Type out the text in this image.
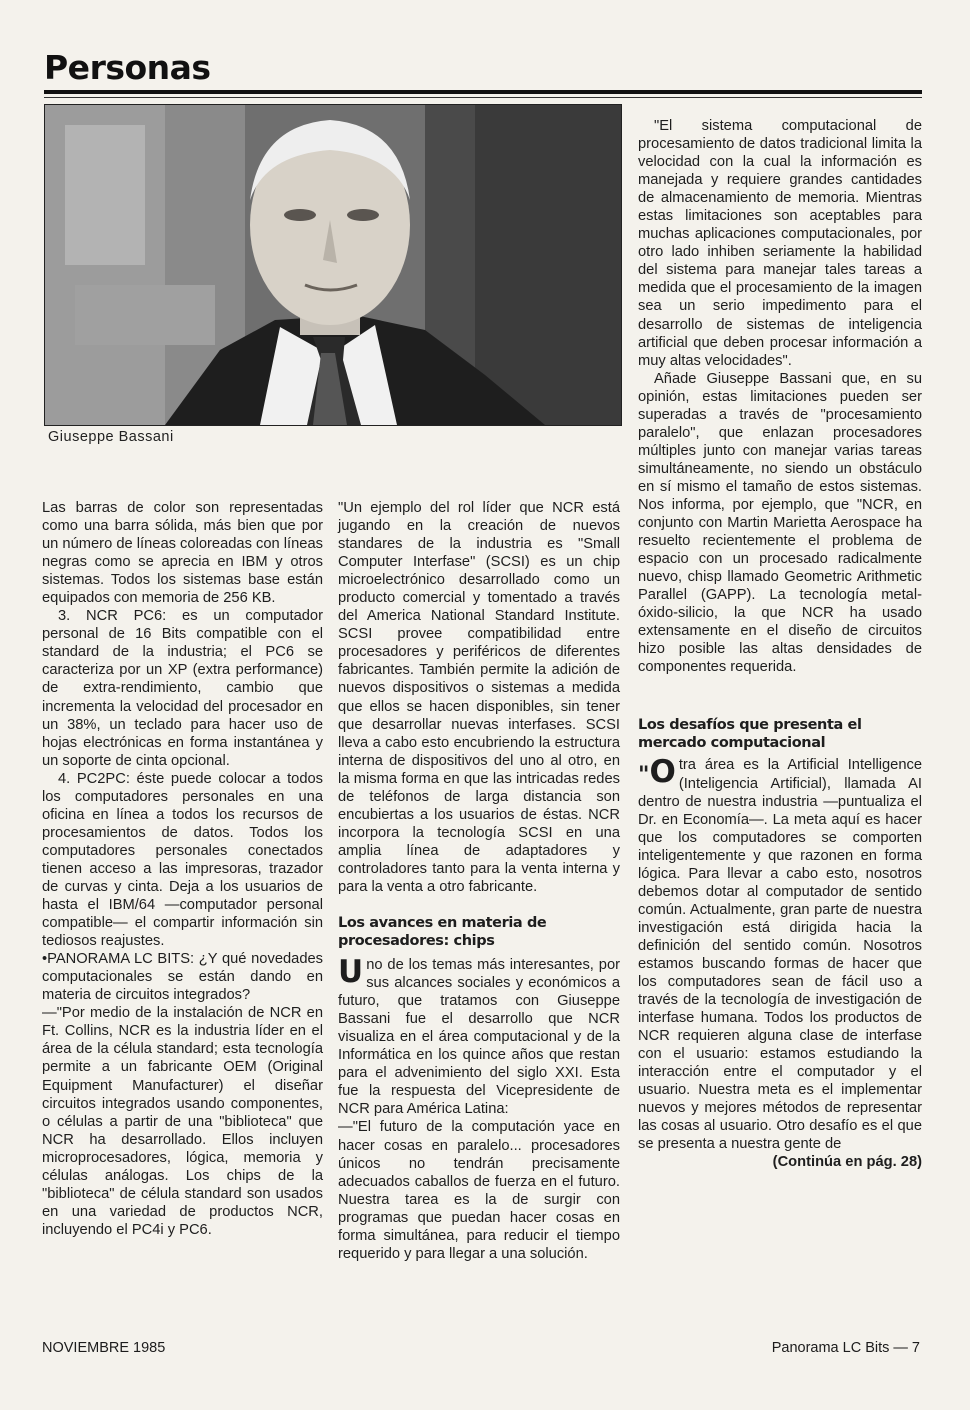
Personas
Giuseppe Bassani

Las barras de color son representadas como una barra sólida, más bien que por un número de líneas coloreadas con líneas negras como se aprecia en IBM y otros sistemas. Todos los sistemas base están equipados con memoria de 256 KB.

3. NCR PC6: es un computador personal de 16 Bits compatible con el standard de la industria; el PC6 se caracteriza por un XP (extra performance) de extra-rendimiento, cambio que incrementa la velocidad del procesador en un 38%, un teclado para hacer uso de hojas electrónicas en forma instantánea y un soporte de cinta opcional.

4. PC2PC: éste puede colocar a todos los computadores personales en una oficina en línea a todos los recursos de procesamientos de datos. Todos los computadores personales conectados tienen acceso a las impresoras, trazador de curvas y cinta. Deja a los usuarios de hasta el IBM/64 —computador personal compatible— el compartir información sin tediosos reajustes.

•PANORAMA LC BITS: ¿Y qué novedades computacionales se están dando en materia de circuitos integrados?

—"Por medio de la instalación de NCR en Ft. Collins, NCR es la industria líder en el área de la célula standard; esta tecnología permite a un fabricante OEM (Original Equipment Manufacturer) el diseñar circuitos integrados usando componentes, o células a partir de una "biblioteca" que NCR ha desarrollado. Ellos incluyen microprocesadores, lógica, memoria y células análogas. Los chips de la "biblioteca" de célula standard son usados en una variedad de productos NCR, incluyendo el PC4i y PC6.

"Un ejemplo del rol líder que NCR está jugando en la creación de nuevos standares de la industria es "Small Computer Interfase" (SCSI) es un chip microelectrónico desarrollado como un producto comercial y tomentado a través del America National Standard Institute. SCSI provee compatibilidad entre procesadores y periféricos de diferentes fabricantes. También permite la adición de nuevos dispositivos o sistemas a medida que ellos se hacen disponibles, sin tener que desarrollar nuevas interfases. SCSI lleva a cabo esto encubriendo la estructura interna de dispositivos del uno al otro, en la misma forma en que las intricadas redes de teléfonos de larga distancia son encubiertas a los usuarios de éstas. NCR incorpora la tecnología SCSI en una amplia línea de adaptadores y controladores tanto para la venta interna y para la venta a otro fabricante.

Los avances en materia de procesadores: chips

Uno de los temas más interesantes, por sus alcances sociales y económicos a futuro, que tratamos con Giuseppe Bassani fue el desarrollo que NCR visualiza en el área computacional y de la Informática en los quince años que restan para el advenimiento del siglo XXI. Esta fue la respuesta del Vicepresidente de NCR para América Latina:

—"El futuro de la computación yace en hacer cosas en paralelo... procesadores únicos no tendrán precisamente adecuados caballos de fuerza en el futuro. Nuestra tarea es la de surgir con programas que puedan hacer cosas en forma simultánea, para reducir el tiempo requerido y para llegar a una solución.

"El sistema computacional de procesamiento de datos tradicional limita la velocidad con la cual la información es manejada y requiere grandes cantidades de almacenamiento de memoria. Mientras estas limitaciones son aceptables para muchas aplicaciones computacionales, por otro lado inhiben seriamente la habilidad del sistema para manejar tales tareas a medida que el procesamiento de la imagen sea un serio impedimento para el desarrollo de sistemas de inteligencia artificial que deben procesar información a muy altas velocidades".

Añade Giuseppe Bassani que, en su opinión, estas limitaciones pueden ser superadas a través de "procesamiento paralelo", que enlazan procesadores múltiples junto con manejar varias tareas simultáneamente, no siendo un obstáculo en sí mismo el tamaño de estos sistemas. Nos informa, por ejemplo, que "NCR, en conjunto con Martin Marietta Aerospace ha resuelto recientemente el problema de espacio con un procesado radicalmente nuevo, chisp llamado Geometric Arithmetic Parallel (GAPP). La tecnología metal-óxido-silicio, la que NCR ha usado extensamente en el diseño de circuitos hizo posible las altas densidades de componentes requerida.

Los desafíos que presenta el mercado computacional

"O tra área es la Artificial Intelligence (Inteligencia Artificial), llamada AI dentro de nuestra industria —puntualiza el Dr. en Economía—. La meta aquí es hacer que los computadores se comporten inteligentemente y que razonen en forma lógica. Para llevar a cabo esto, nosotros debemos dotar al computador de sentido común. Actualmente, gran parte de nuestra investigación está dirigida hacia la definición del sentido común. Nosotros estamos buscando formas de hacer que los computadores sean de fácil uso a través de la tecnología de investigación de interfase humana. Todos los productos de NCR requieren alguna clase de interfase con el usuario: estamos estudiando la interacción entre el computador y el usuario. Nuestra meta es el implementar nuevos y mejores métodos de representar las cosas al usuario. Otro desafío es el que se presenta a nuestra gente de

(Continúa en pág. 28)

NOVIEMBRE 1985	Panorama LC Bits — 7
